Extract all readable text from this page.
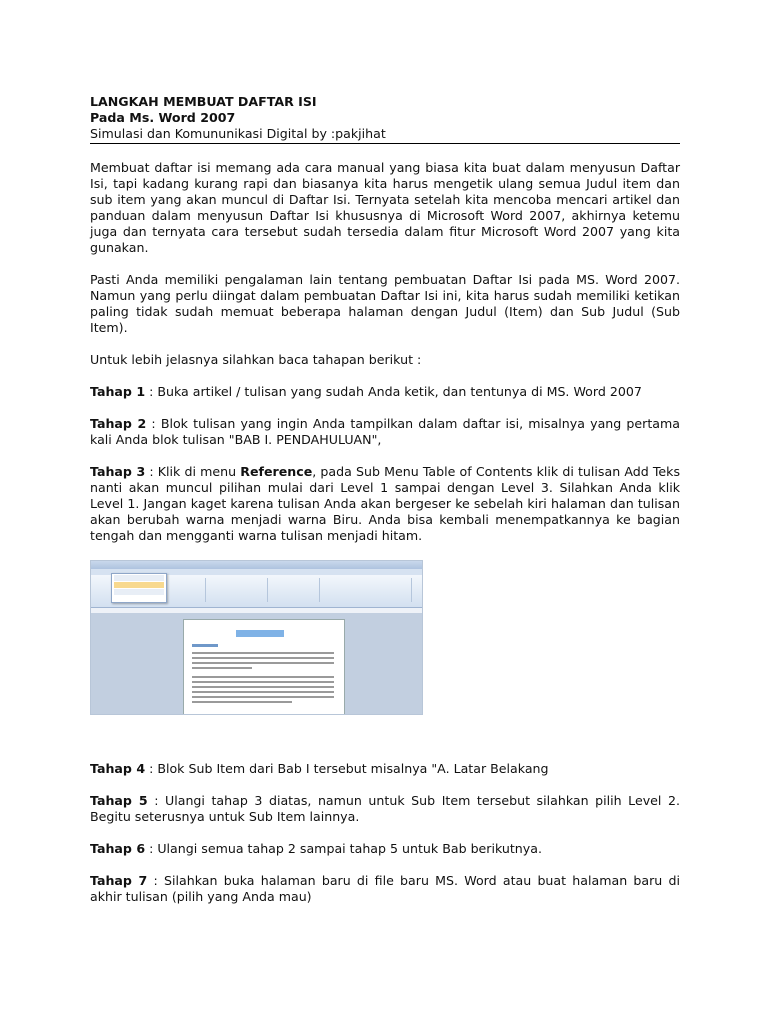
LANGKAH MEMBUAT DAFTAR ISI
Pada Ms. Word 2007
Simulasi dan Komununikasi Digital by :pakjihat

Membuat daftar isi memang ada cara manual yang biasa kita buat dalam menyusun Daftar Isi, tapi kadang kurang rapi dan biasanya kita harus mengetik ulang semua Judul item dan sub item yang akan muncul di Daftar Isi. Ternyata setelah kita mencoba mencari artikel dan panduan dalam menyusun Daftar Isi khususnya di Microsoft Word 2007, akhirnya ketemu juga dan ternyata cara tersebut sudah tersedia dalam fitur Microsoft Word 2007 yang kita gunakan.

Pasti Anda memiliki pengalaman lain tentang pembuatan Daftar Isi pada MS. Word 2007. Namun yang perlu diingat dalam pembuatan Daftar Isi ini, kita harus sudah memiliki ketikan paling tidak sudah memuat beberapa halaman dengan Judul (Item) dan Sub Judul (Sub Item).

Untuk lebih jelasnya silahkan baca tahapan berikut :

Tahap 1 : Buka artikel / tulisan yang sudah Anda ketik, dan tentunya di MS. Word 2007

Tahap 2 : Blok tulisan yang ingin Anda tampilkan dalam daftar isi, misalnya yang pertama kali Anda blok tulisan "BAB I. PENDAHULUAN",

Tahap 3 : Klik di menu Reference, pada Sub Menu Table of Contents klik di tulisan Add Teks nanti akan muncul pilihan mulai dari Level 1 sampai dengan Level 3. Silahkan Anda klik Level 1. Jangan kaget karena tulisan Anda akan bergeser ke sebelah kiri halaman dan tulisan akan berubah warna menjadi warna Biru. Anda bisa kembali menempatkannya ke bagian tengah dan mengganti warna tulisan menjadi hitam.

Tahap 4 : Blok Sub Item dari Bab I tersebut misalnya "A. Latar Belakang

Tahap 5 : Ulangi tahap 3 diatas, namun untuk Sub Item tersebut silahkan pilih Level 2. Begitu seterusnya untuk Sub Item lainnya.

Tahap 6 : Ulangi semua tahap 2 sampai tahap 5 untuk Bab berikutnya.

Tahap 7 : Silahkan buka halaman baru di file baru MS. Word atau buat halaman baru di akhir tulisan (pilih yang Anda mau)
